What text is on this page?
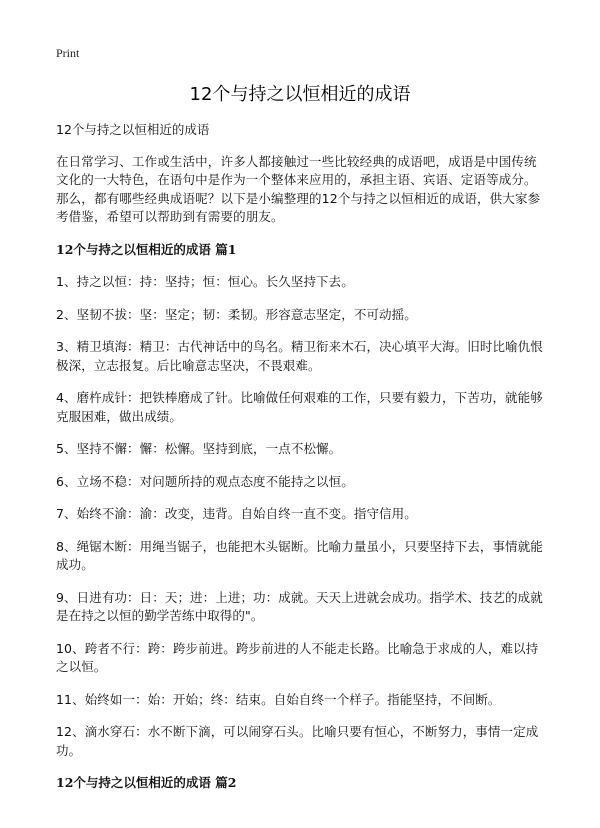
Print
12个与持之以恒相近的成语

12个与持之以恒相近的成语

在日常学习、工作或生活中，许多人都接触过一些比较经典的成语吧，成语是中国传统文化的一大特色，在语句中是作为一个整体来应用的，承担主语、宾语、定语等成分。那么，都有哪些经典成语呢？以下是小编整理的12个与持之以恒相近的成语，供大家参考借鉴，希望可以帮助到有需要的朋友。

12个与持之以恒相近的成语 篇1

1、持之以恒：持：坚持；恒：恒心。长久坚持下去。

2、坚韧不拔：坚：坚定；韧：柔韧。形容意志坚定，不可动摇。

3、精卫填海：精卫：古代神话中的鸟名。精卫衔来木石，决心填平大海。旧时比喻仇恨极深，立志报复。后比喻意志坚决，不畏艰难。

4、磨杵成针：把铁棒磨成了针。比喻做任何艰难的工作，只要有毅力，下苦功，就能够克服困难，做出成绩。

5、坚持不懈：懈：松懈。坚持到底，一点不松懈。

6、立场不稳：对问题所持的观点态度不能持之以恒。

7、始终不渝：渝：改变，违背。自始自终一直不变。指守信用。

8、绳锯木断：用绳当锯子，也能把木头锯断。比喻力量虽小，只要坚持下去，事情就能成功。

9、日进有功：日：天；进：上进；功：成就。天天上进就会成功。指学术、技艺的成就是在持之以恒的勤学苦练中取得的"。

10、跨者不行：跨：跨步前进。跨步前进的人不能走长路。比喻急于求成的人，难以持之以恒。

11、始终如一：始：开始；终：结束。自始自终一个样子。指能坚持，不间断。

12、滴水穿石：水不断下滴，可以闹穿石头。比喻只要有恒心，不断努力，事情一定成功。

12个与持之以恒相近的成语 篇2
